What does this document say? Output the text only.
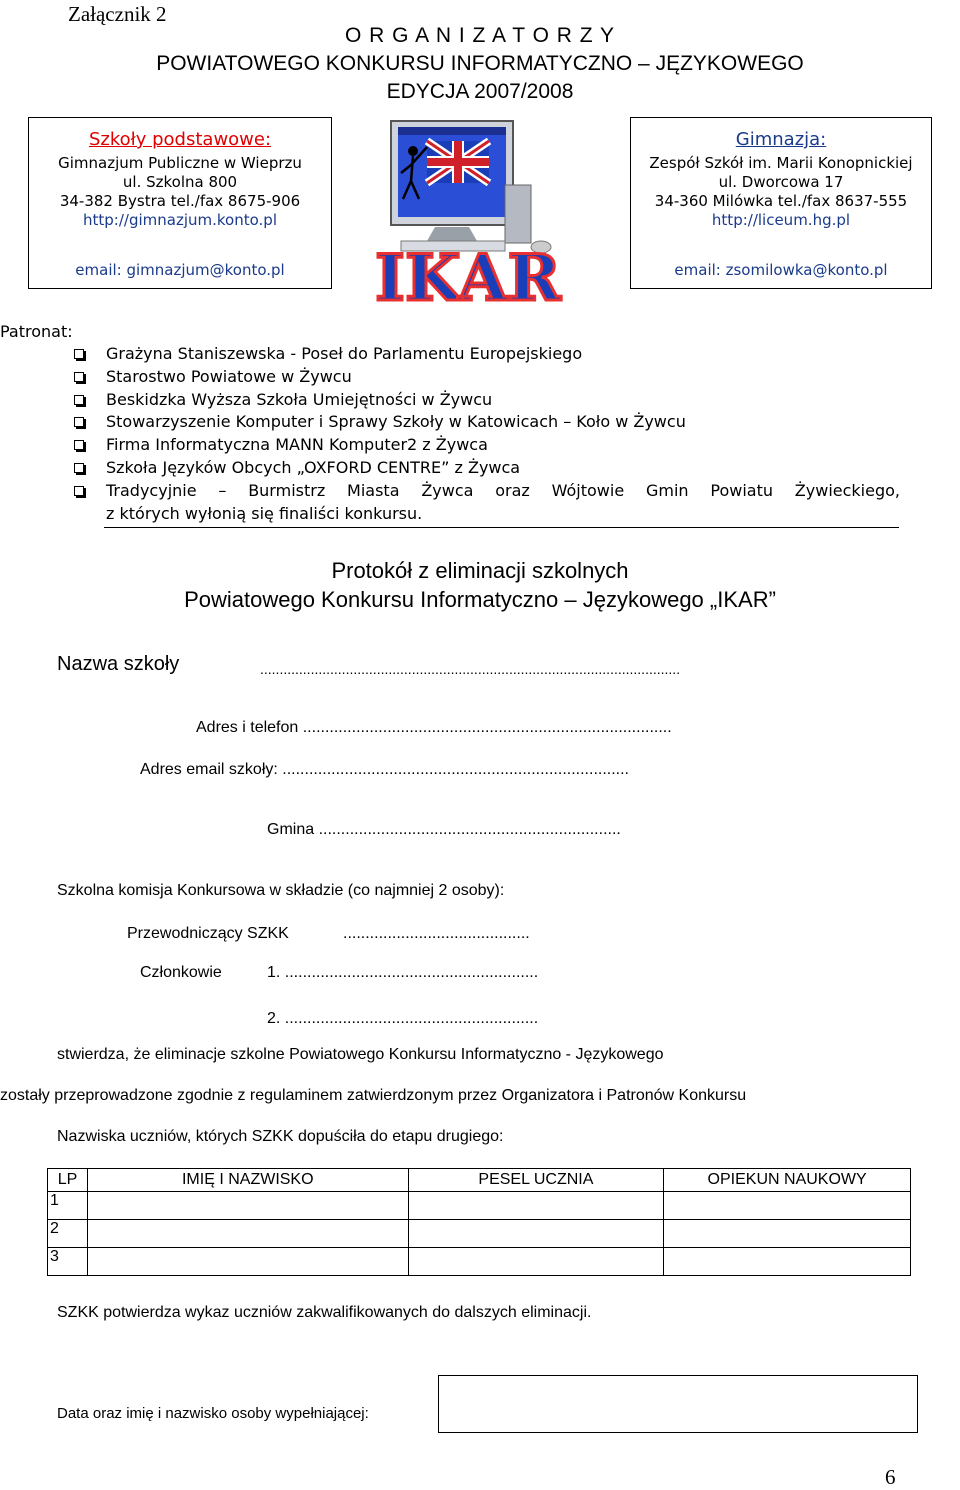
Załącznik 2
O R G A N I Z A T O R Z Y
POWIATOWEGO KONKURSU INFORMATYCZNO – JĘZYKOWEGO
EDYCJA 2007/2008
Szkoły podstawowe:
Gimnazjum Publiczne w Wieprzu
ul. Szkolna 800
34-382 Bystra tel./fax 8675-906
http://gimnazjum.konto.pl
email: gimnazjum@konto.pl	IKAR
Gimnazja:
Zespół Szkół im. Marii Konopnickiej
ul. Dworcowa 17
34-360 Milówka tel./fax 8637-555
http://liceum.hg.pl
email: zsomilowka@konto.pl
Patronat:
Grażyna Staniszewska - Poseł do Parlamentu Europejskiego
Starostwo Powiatowe w Żywcu
Beskidzka Wyższa Szkoła Umiejętności w Żywcu
Stowarzyszenie Komputer i Sprawy Szkoły w Katowicach – Koło w Żywcu
Firma Informatyczna MANN Komputer2 z Żywca
Szkoła Języków Obcych „OXFORD CENTRE” z Żywca
Tradycyjnie – Burmistrz Miasta Żywca oraz Wójtowie Gmin Powiatu Żywieckiego,
z których wyłonią się finaliści konkursu.
Protokół z eliminacji szkolnych
Powiatowego Konkursu Informatyczno – Językowego „IKAR”
Nazwa szkoły	............................................................................................................
Adres i telefon ...................................................................................
Adres email szkoły: ..............................................................................
Gmina ....................................................................
Szkolna komisja Konkursowa w składzie (co najmniej 2 osoby):
Przewodniczący SZKK	..........................................
Członkowie	1. .........................................................
2. .........................................................
stwierdza, że eliminacje szkolne Powiatowego Konkursu Informatyczno - Językowego
zostały przeprowadzone zgodnie z regulaminem zatwierdzonym przez Organizatora i Patronów Konkursu
Nazwiska uczniów, których SZKK dopuściła do etapu drugiego:
LP	IMIĘ I NAZWISKO	PESEL UCZNIA	OPIEKUN NAUKOWY
1			
2			
3			
SZKK potwierdza wykaz uczniów zakwalifikowanych do dalszych eliminacji.
Data oraz imię i nazwisko osoby wypełniającej:
6
